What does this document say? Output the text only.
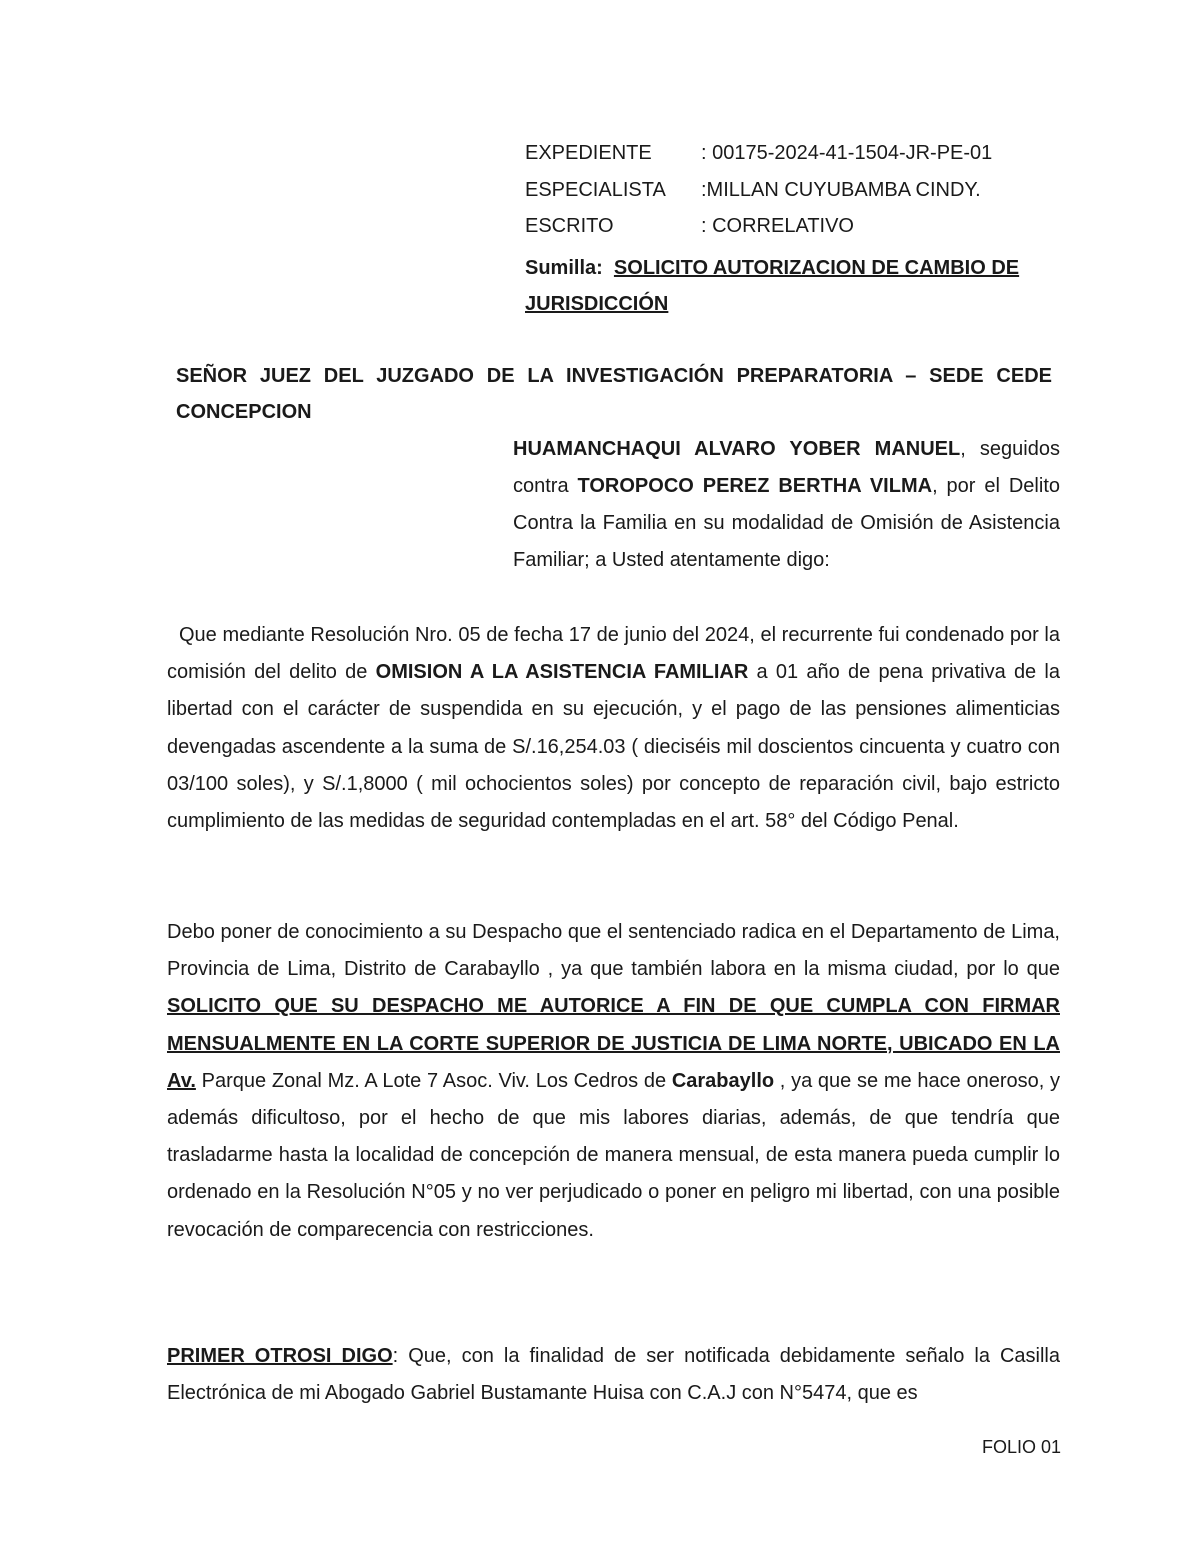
EXPEDIENTE : 00175-2024-41-1504-JR-PE-01
ESPECIALISTA :MILLAN CUYUBAMBA CINDY.
ESCRITO	: CORRELATIVO
Sumilla: SOLICITO AUTORIZACION DE CAMBIO DE JURISDICCIÓN
SEÑOR JUEZ DEL JUZGADO DE LA INVESTIGACIÓN PREPARATORIA – SEDE CEDE CONCEPCION
HUAMANCHAQUI ALVARO YOBER MANUEL, seguidos contra TOROPOCO PEREZ BERTHA VILMA, por el Delito Contra la Familia en su modalidad de Omisión de Asistencia Familiar; a Usted atentamente digo:
Que mediante Resolución Nro. 05 de fecha 17 de junio del 2024, el recurrente fui condenado por la comisión del delito de OMISION A LA ASISTENCIA FAMILIAR a 01 año de pena privativa de la libertad con el carácter de suspendida en su ejecución, y el pago de las pensiones alimenticias devengadas ascendente a la suma de S/.16,254.03 ( dieciséis mil doscientos cincuenta y cuatro con 03/100 soles), y S/.1,8000 ( mil ochocientos soles) por concepto de reparación civil, bajo estricto cumplimiento de las medidas de seguridad contempladas en el art. 58° del Código Penal.
Debo poner de conocimiento a su Despacho que el sentenciado radica en el Departamento de Lima, Provincia de Lima, Distrito de Carabayllo , ya que también labora en la misma ciudad, por lo que SOLICITO QUE SU DESPACHO ME AUTORICE A FIN DE QUE CUMPLA CON FIRMAR MENSUALMENTE EN LA CORTE SUPERIOR DE JUSTICIA DE LIMA NORTE, UBICADO EN LA Av. Parque Zonal Mz. A Lote 7 Asoc. Viv. Los Cedros de Carabayllo , ya que se me hace oneroso, y además dificultoso, por el hecho de que mis labores diarias, además, de que tendría que trasladarme hasta la localidad de concepción de manera mensual, de esta manera pueda cumplir lo ordenado en la Resolución N°05 y no ver perjudicado o poner en peligro mi libertad, con una posible revocación de comparecencia con restricciones.
PRIMER OTROSI DIGO: Que, con la finalidad de ser notificada debidamente señalo la Casilla Electrónica de mi Abogado Gabriel Bustamante Huisa con C.A.J con N°5474, que es
FOLIO 01
